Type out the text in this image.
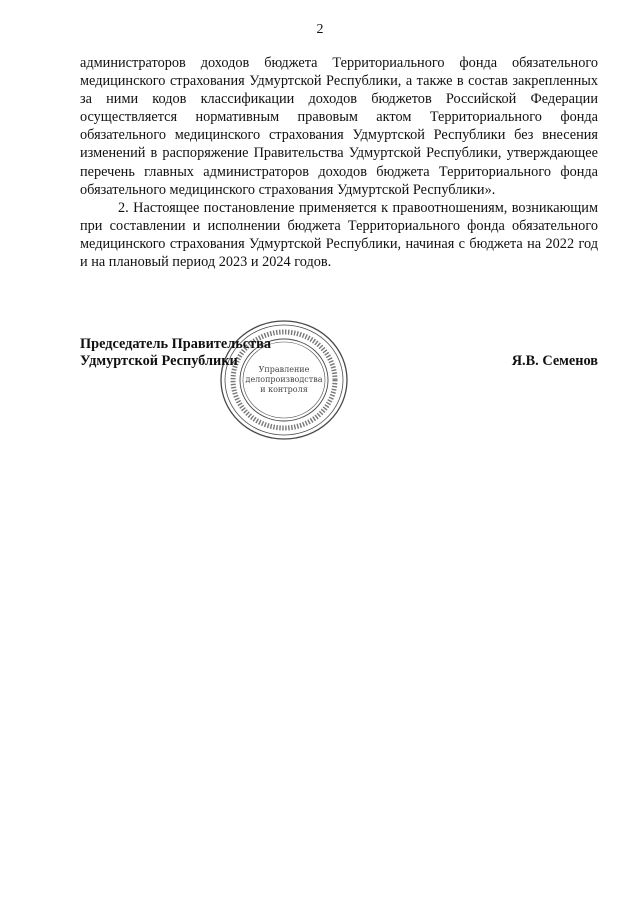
2

администраторов доходов бюджета Территориального фонда обязательного медицинского страхования Удмуртской Республики, а также в состав закрепленных за ними кодов классификации доходов бюджетов Российской Федерации осуществляется нормативным правовым актом Территориального фонда обязательного медицинского страхования Удмуртской Республики без внесения изменений в распоряжение Правительства Удмуртской Республики, утверждающее перечень главных администраторов доходов бюджета Территориального фонда обязательного медицинского страхования Удмуртской Республики».

2. Настоящее постановление применяется к правоотношениям, возникающим при составлении и исполнении бюджета Территориального фонда обязательного медицинского страхования Удмуртской Республики, начиная с бюджета на 2022 год и на плановый период 2023 и 2024 годов.

Управление
делопроизводства
и контроля
Председатель Правительства
Удмуртской Республики	Я.В. Семенов
